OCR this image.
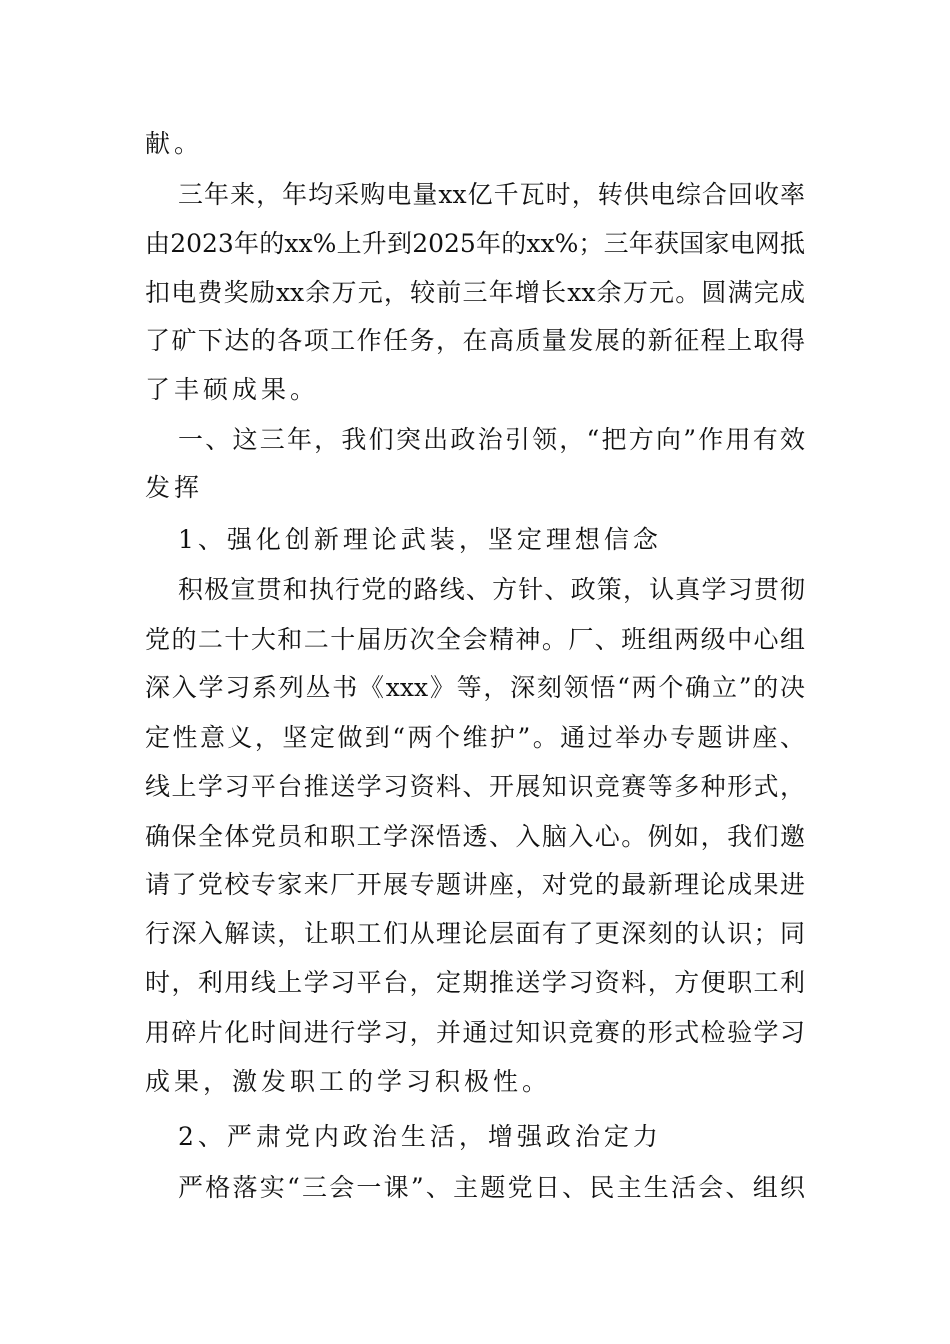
献。
三年来，年均采购电量xx亿千瓦时，转供电综合回收率
由2023年的xx%上升到2025年的xx%；三年获国家电网抵
扣电费奖励xx余万元，较前三年增长xx余万元。圆满完成
了矿下达的各项工作任务，在高质量发展的新征程上取得
了丰硕成果。
一、这三年，我们突出政治引领，“把方向”作用有效
发挥
1、强化创新理论武装，坚定理想信念
积极宣贯和执行党的路线、方针、政策，认真学习贯彻
党的二十大和二十届历次全会精神。厂、班组两级中心组
深入学习系列丛书《xxx》等，深刻领悟“两个确立”的决
定性意义，坚定做到“两个维护”。通过举办专题讲座、
线上学习平台推送学习资料、开展知识竞赛等多种形式，
确保全体党员和职工学深悟透、入脑入心。例如，我们邀
请了党校专家来厂开展专题讲座，对党的最新理论成果进
行深入解读，让职工们从理论层面有了更深刻的认识；同
时，利用线上学习平台，定期推送学习资料，方便职工利
用碎片化时间进行学习，并通过知识竞赛的形式检验学习
成果，激发职工的学习积极性。
2、严肃党内政治生活，增强政治定力
严格落实“三会一课”、主题党日、民主生活会、组织
